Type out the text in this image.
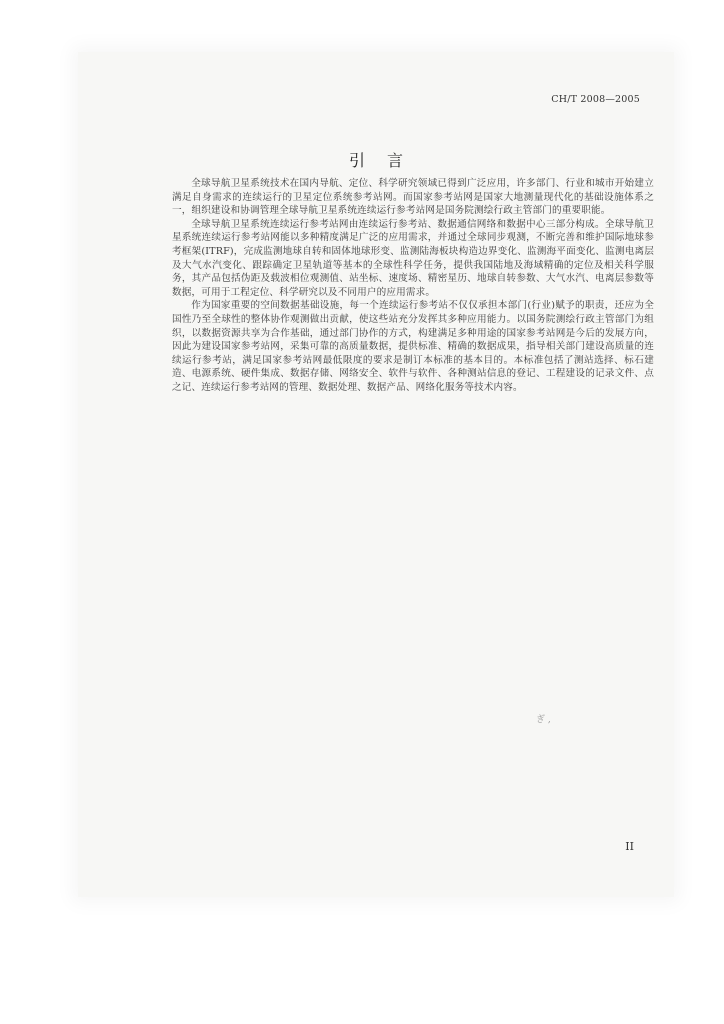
CH/T 2008—2005
引言

全球导航卫星系统技术在国内导航、定位、科学研究领域已得到广泛应用，许多部门、行业和城市开始建立满足自身需求的连续运行的卫星定位系统参考站网。而国家参考站网是国家大地测量现代化的基础设施体系之一，组织建设和协调管理全球导航卫星系统连续运行参考站网是国务院测绘行政主管部门的重要职能。

全球导航卫星系统连续运行参考站网由连续运行参考站、数据通信网络和数据中心三部分构成。全球导航卫星系统连续运行参考站网能以多种精度满足广泛的应用需求，并通过全球同步观测，不断完善和维护国际地球参考框架(ITRF)，完成监测地球自转和固体地球形变、监测陆海板块构造边界变化、监测海平面变化、监测电离层及大气水汽变化、跟踪确定卫星轨道等基本的全球性科学任务，提供我国陆地及海域精确的定位及相关科学服务，其产品包括伪距及载波相位观测值、站坐标、速度场、精密星历、地球自转参数、大气水汽、电离层参数等数据，可用于工程定位、科学研究以及不同用户的应用需求。

作为国家重要的空间数据基础设施，每一个连续运行参考站不仅仅承担本部门(行业)赋予的职责，还应为全国性乃至全球性的整体协作观测做出贡献，使这些站充分发挥其多种应用能力。以国务院测绘行政主管部门为组织，以数据资源共享为合作基础，通过部门协作的方式，构建满足多种用途的国家参考站网是今后的发展方向，因此为建设国家参考站网，采集可靠的高质量数据，提供标准、精确的数据成果，指导相关部门建设高质量的连续运行参考站，满足国家参考站网最低限度的要求是制订本标准的基本目的。本标准包括了测站选择、标石建造、电源系统、硬件集成、数据存储、网络安全、软件与软件、各种测站信息的登记、工程建设的记录文件、点之记、连续运行参考站网的管理、数据处理、数据产品、网络化服务等技术内容。

ぎ ,
II
